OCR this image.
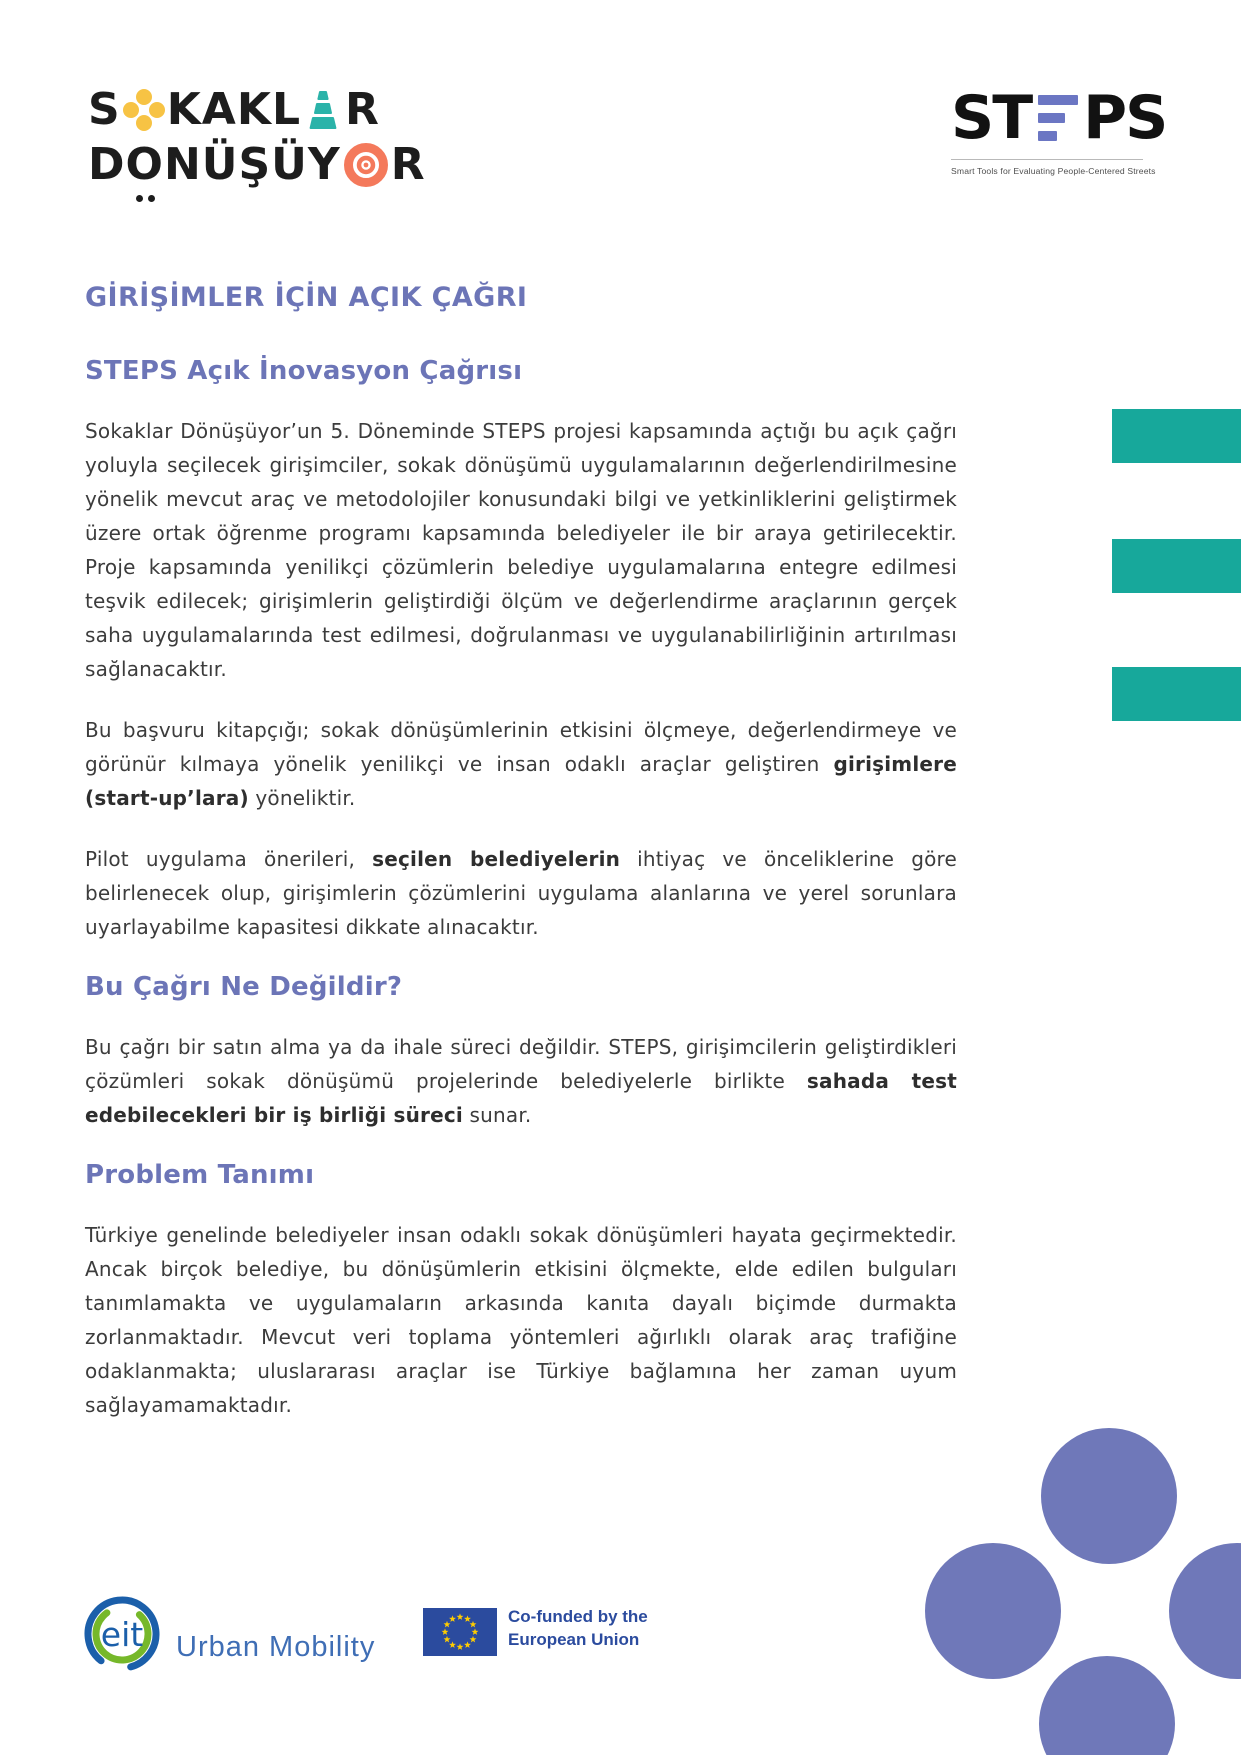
S KAKL R
D O NÜŞÜY R
ST PS
Smart Tools for Evaluating People-Centered Streets
GİRİŞİMLER İÇİN AÇIK ÇAĞRI
STEPS Açık İnovasyon Çağrısı

Sokaklar Dönüşüyor’un 5. Döneminde STEPS projesi kapsamında açtığı bu açık çağrı yoluyla seçilecek girişimciler, sokak dönüşümü uygulamalarının değerlendirilmesine yönelik mevcut araç ve metodolojiler konusundaki bilgi ve yetkinliklerini geliştirmek üzere ortak öğrenme programı kapsamında belediyeler ile bir araya getirilecektir. Proje kapsamında yenilikçi çözümlerin belediye uygulamalarına entegre edilmesi teşvik edilecek; girişimlerin geliştirdiği ölçüm ve değerlendirme araçlarının gerçek saha uygulamalarında test edilmesi, doğrulanması ve uygulanabilirliğinin artırılması sağlanacaktır.

Bu başvuru kitapçığı; sokak dönüşümlerinin etkisini ölçmeye, değerlendirmeye ve görünür kılmaya yönelik yenilikçi ve insan odaklı araçlar geliştiren girişimlere (start-up’lara) yöneliktir.

Pilot uygulama önerileri, seçilen belediyelerin ihtiyaç ve önceliklerine göre belirlenecek olup, girişimlerin çözümlerini uygulama alanlarına ve yerel sorunlara uyarlayabilme kapasitesi dikkate alınacaktır.

Bu Çağrı Ne Değildir?

Bu çağrı bir satın alma ya da ihale süreci değildir. STEPS, girişimcilerin geliştirdikleri çözümleri sokak dönüşümü projelerinde belediyelerle birlikte sahada test edebilecekleri bir iş birliği süreci sunar.

Problem Tanımı

Türkiye genelinde belediyeler insan odaklı sokak dönüşümleri hayata geçirmektedir. Ancak birçok belediye, bu dönüşümlerin etkisini ölçmekte, elde edilen bulguları tanımlamakta ve uygulamaların arkasında kanıta dayalı biçimde durmakta zorlanmaktadır. Mevcut veri toplama yöntemleri ağırlıklı olarak araç trafiğine odaklanmakta; uluslararası araçlar ise Türkiye bağlamına her zaman uyum sağlayamamaktadır.

eit Urban Mobility
Co-funded by the
European Union
